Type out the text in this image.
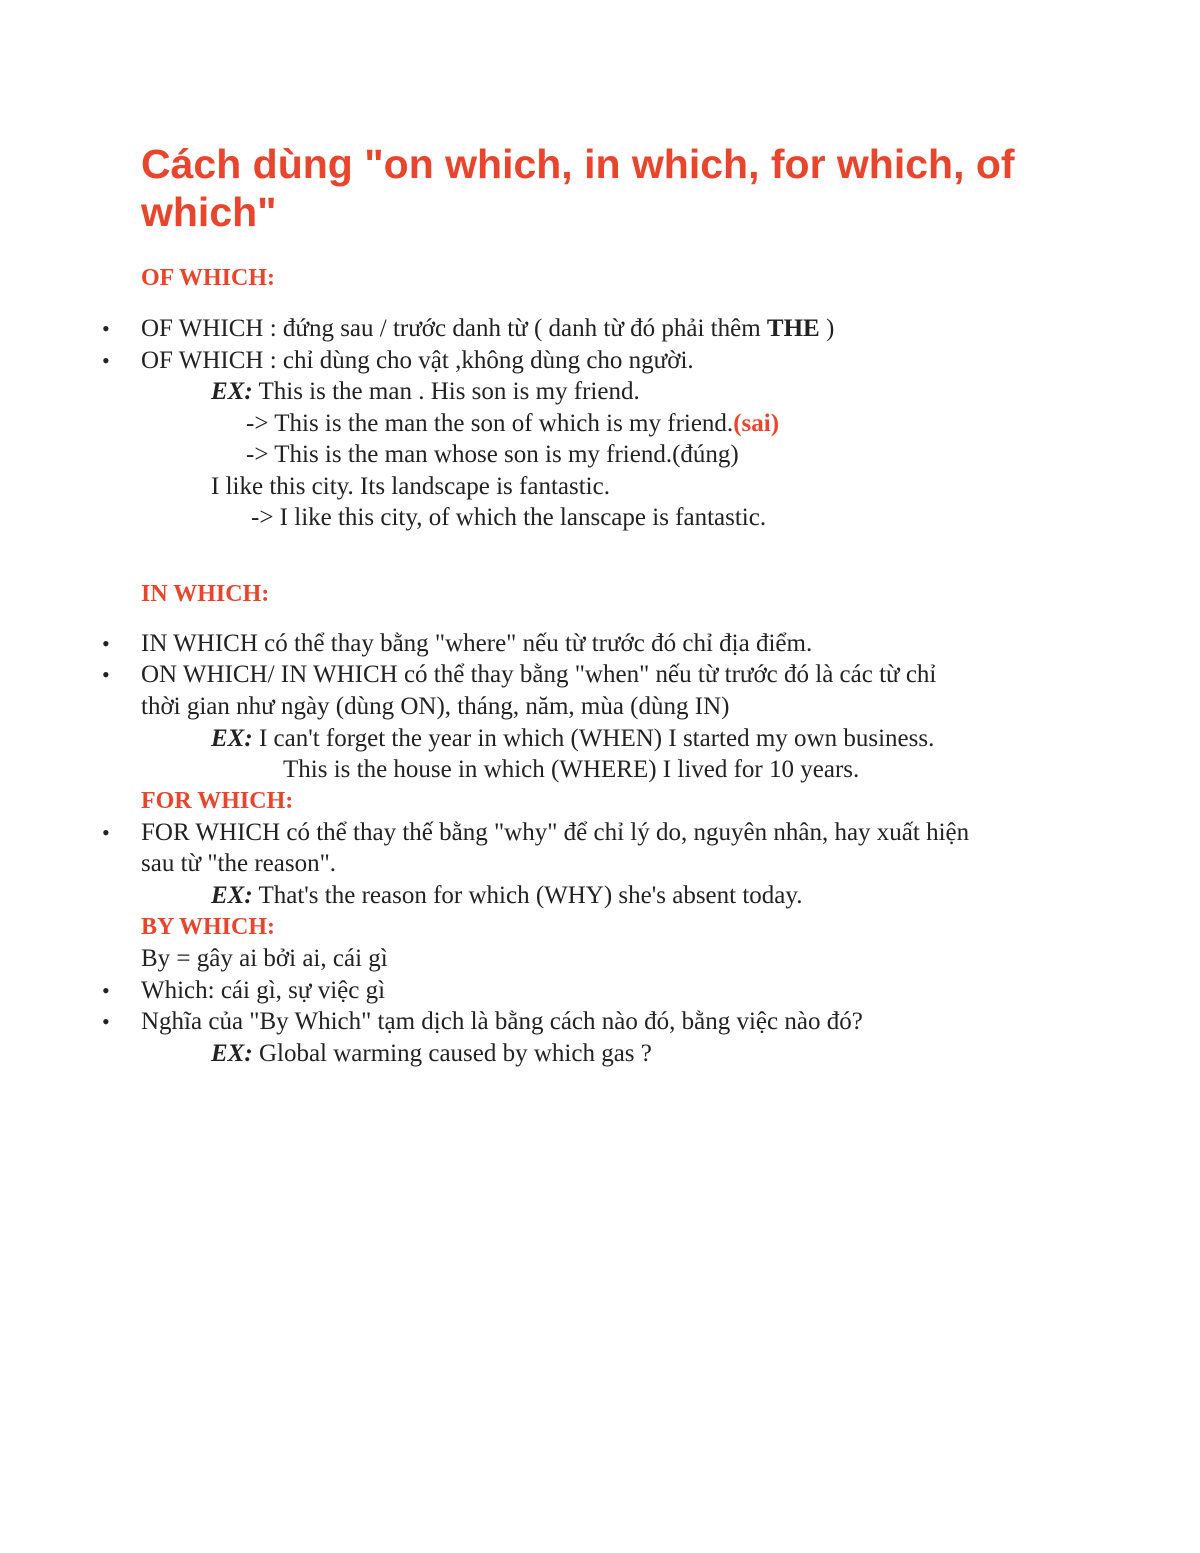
Cách dùng "on which, in which, for which, of which"
OF WHICH:
• OF WHICH : đứng sau / trước danh từ ( danh từ đó phải thêm THE )
• OF WHICH : chỉ dùng cho vật ,không dùng cho người.
EX: This is the man . His son is my friend.
-> This is the man the son of which is my friend.(sai)
-> This is the man whose son is my friend.(đúng)
I like this city. Its landscape is fantastic.
-> I like this city, of which the lanscape is fantastic.
IN WHICH:
• IN WHICH có thể thay bằng "where" nếu từ trước đó chỉ địa điểm.
• ON WHICH/ IN WHICH có thể thay bằng "when" nếu từ trước đó là các từ chỉ
thời gian như ngày (dùng ON), tháng, năm, mùa (dùng IN)
EX: I can't forget the year in which (WHEN) I started my own business.
This is the house in which (WHERE) I lived for 10 years.
FOR WHICH:
• FOR WHICH có thể thay thế bằng "why" để chỉ lý do, nguyên nhân, hay xuất hiện
sau từ "the reason".
EX: That's the reason for which (WHY) she's absent today.
BY WHICH:
By = gây ai bởi ai, cái gì
• Which: cái gì, sự việc gì
• Nghĩa của "By Which" tạm dịch là bằng cách nào đó, bằng việc nào đó?
EX: Global warming caused by which gas ?
